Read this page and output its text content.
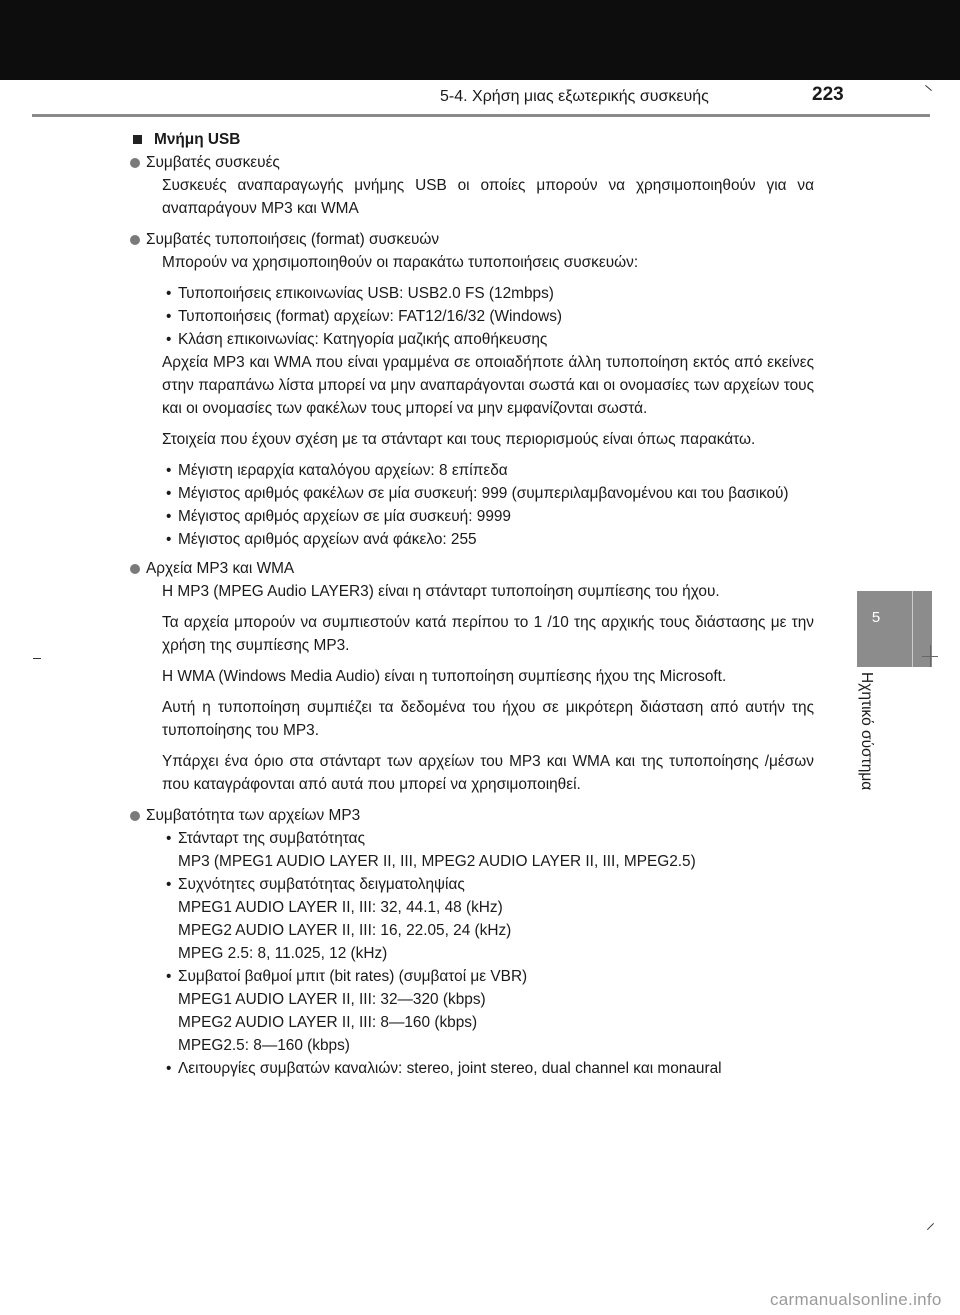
5-4. Χρήση μιας εξωτερικής συσκευής	223

Μνήμη USB

Συμβατές συσκευές

Συσκευές αναπαραγωγής μνήμης USB οι οποίες μπορούν να χρησιμοποιηθούν για να αναπαράγουν MP3 και WMA

Συμβατές τυποποιήσεις (format) συσκευών

Μπορούν να χρησιμοποιηθούν οι παρακάτω τυποποιήσεις συσκευών:

• Τυποποιήσεις επικοινωνίας USB: USB2.0 FS (12mbps)
• Τυποποιήσεις (format) αρχείων: FAT12/16/32 (Windows)
• Κλάση επικοινωνίας: Κατηγορία μαζικής αποθήκευσης

Αρχεία MP3 και WMA που είναι γραμμένα σε οποιαδήποτε άλλη τυποποίηση εκτός από εκείνες στην παραπάνω λίστα μπορεί να μην αναπαράγονται σωστά και οι ονομασίες των αρχείων τους και οι ονομασίες των φακέλων τους μπορεί να μην εμφανίζονται σωστά.

Στοιχεία που έχουν σχέση με τα στάνταρτ και τους περιορισμούς είναι όπως παρακάτω.

• Μέγιστη ιεραρχία καταλόγου αρχείων: 8 επίπεδα
• Μέγιστος αριθμός φακέλων σε μία συσκευή: 999 (συμπεριλαμβανομένου και του βασικού)
• Μέγιστος αριθμός αρχείων σε μία συσκευή: 9999
• Μέγιστος αριθμός αρχείων ανά φάκελο: 255

Αρχεία MP3 και WMA

Η MP3 (MPEG Audio LAYER3) είναι η στάνταρτ τυποποίηση συμπίεσης του ήχου.

Τα αρχεία μπορούν να συμπιεστούν κατά περίπου το 1 /10 της αρχικής τους διάστασης με την χρήση της συμπίεσης MP3.

Η WMA (Windows Media Audio) είναι η τυποποίηση συμπίεσης ήχου της Microsoft.

Αυτή η τυποποίηση συμπιέζει τα δεδομένα του ήχου σε μικρότερη διάσταση από αυτήν της τυποποίησης του MP3.

Υπάρχει ένα όριο στα στάνταρτ των αρχείων του MP3 και WMA και της τυποποίησης /μέσων που καταγράφονται από αυτά που μπορεί να χρησιμοποιηθεί.

Συμβατότητα των αρχείων MP3

• Στάνταρτ της συμβατότητας
MP3 (MPEG1 AUDIO LAYER II, III, MPEG2 AUDIO LAYER II, III, MPEG2.5)
• Συχνότητες συμβατότητας δειγματοληψίας
MPEG1 AUDIO LAYER II, III: 32, 44.1, 48 (kHz)
MPEG2 AUDIO LAYER II, III: 16, 22.05, 24 (kHz)
MPEG 2.5: 8, 11.025, 12 (kHz)
• Συμβατοί βαθμοί μπιτ (bit rates) (συμβατοί με VBR)
MPEG1 AUDIO LAYER II, III: 32—320 (kbps)
MPEG2 AUDIO LAYER II, III: 8—160 (kbps)
MPEG2.5: 8—160 (kbps)
• Λειτουργίες συμβατών καναλιών: stereo, joint stereo, dual channel και monaural
5
Ηχητικό σύστημα
carmanualsonline.info
